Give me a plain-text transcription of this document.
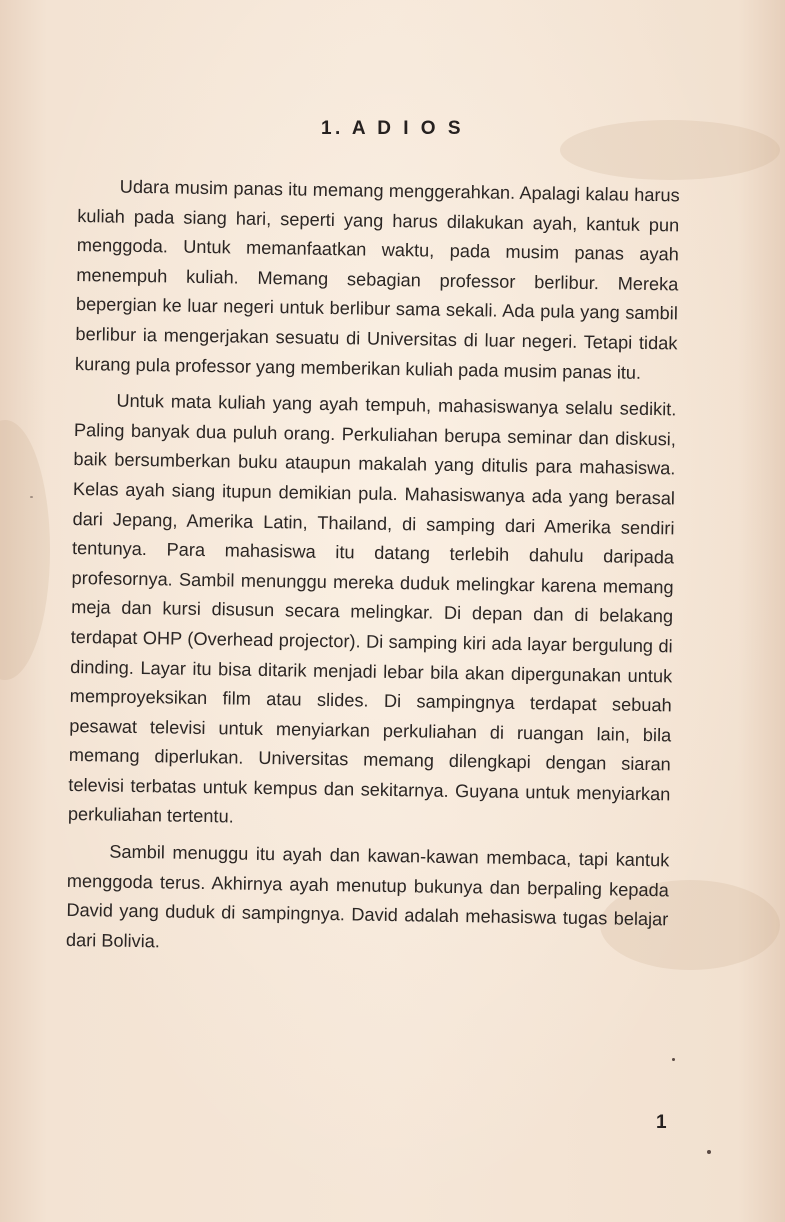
1. A D I O S

Udara musim panas itu memang menggerahkan. Apalagi kalau harus kuliah pada siang hari, seperti yang harus dilakukan ayah, kantuk pun menggoda. Untuk memanfaatkan waktu, pada musim panas ayah menempuh kuliah. Memang sebagian professor berlibur. Mereka bepergian ke luar negeri untuk berlibur sama sekali. Ada pula yang sambil berlibur ia mengerjakan sesuatu di Universitas di luar negeri. Tetapi tidak kurang pula professor yang memberikan kuliah pada musim panas itu.

Untuk mata kuliah yang ayah tempuh, mahasiswanya selalu sedikit. Paling banyak dua puluh orang. Perkuliahan berupa seminar dan diskusi, baik bersumberkan buku ataupun makalah yang ditulis para mahasiswa. Kelas ayah siang itupun demikian pula. Mahasiswanya ada yang berasal dari Jepang, Amerika Latin, Thailand, di samping dari Amerika sendiri tentunya. Para mahasiswa itu datang terlebih dahulu daripada profesornya. Sambil menunggu mereka duduk melingkar karena memang meja dan kursi disusun secara melingkar. Di depan dan di belakang terdapat OHP (Overhead projector). Di samping kiri ada layar bergulung di dinding. Layar itu bisa ditarik menjadi lebar bila akan dipergunakan untuk memproyeksikan film atau slides. Di sampingnya terdapat sebuah pesawat televisi untuk menyiarkan perkuliahan di ruangan lain, bila memang diperlukan. Universitas memang dilengkapi dengan siaran televisi terbatas untuk kempus dan sekitarnya. Guyana untuk menyiarkan perkuliahan tertentu.

Sambil menuggu itu ayah dan kawan-kawan membaca, tapi kantuk menggoda terus. Akhirnya ayah menutup bukunya dan berpaling kepada David yang duduk di sampingnya. David adalah mehasiswa tugas belajar dari Bolivia.

1
